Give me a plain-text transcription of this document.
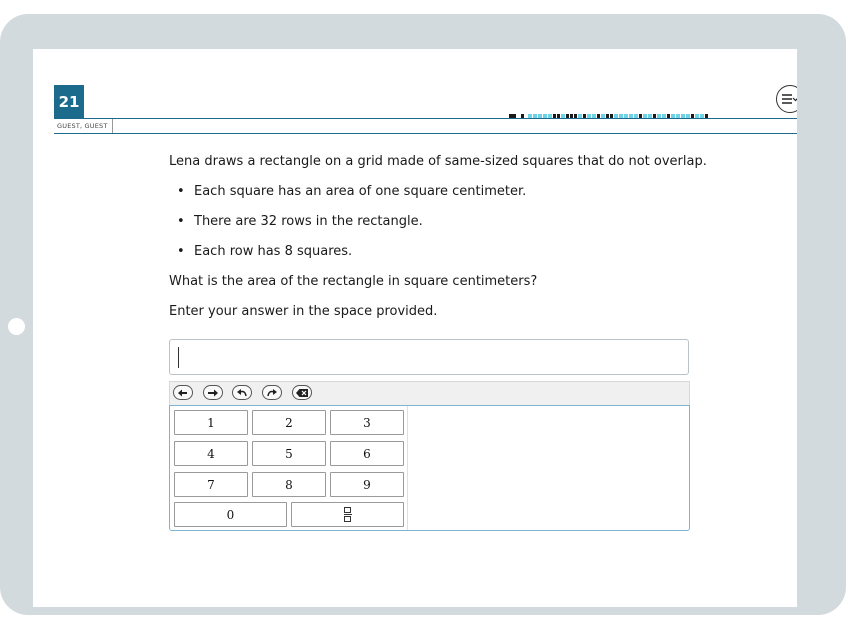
21
GUEST, GUEST

Lena draws a rectangle on a grid made of same-sized squares that do not overlap.

• Each square has an area of one square centimeter.
• There are 32 rows in the rectangle.
• Each row has 8 squares.

What is the area of the rectangle in square centimeters?

Enter your answer in the space provided.

1	2	3
4	5	6
7	8	9
0
